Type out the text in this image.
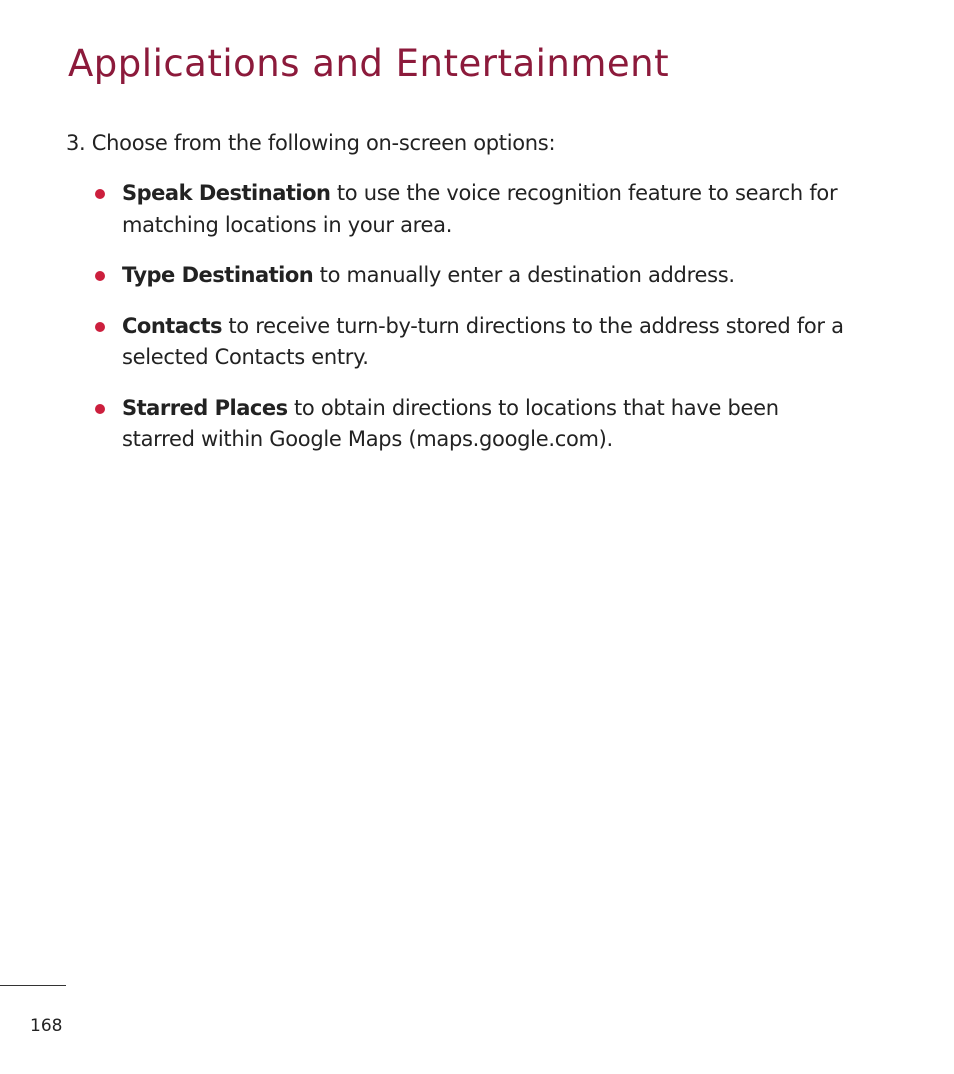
Applications and Entertainment

3. Choose from the following on-screen options:

Speak Destination to use the voice recognition feature to search for matching locations in your area.
Type Destination to manually enter a destination address.
Contacts to receive turn-by-turn directions to the address stored for a selected Contacts entry.
Starred Places to obtain directions to locations that have been starred within Google Maps (maps.google.com).
168
